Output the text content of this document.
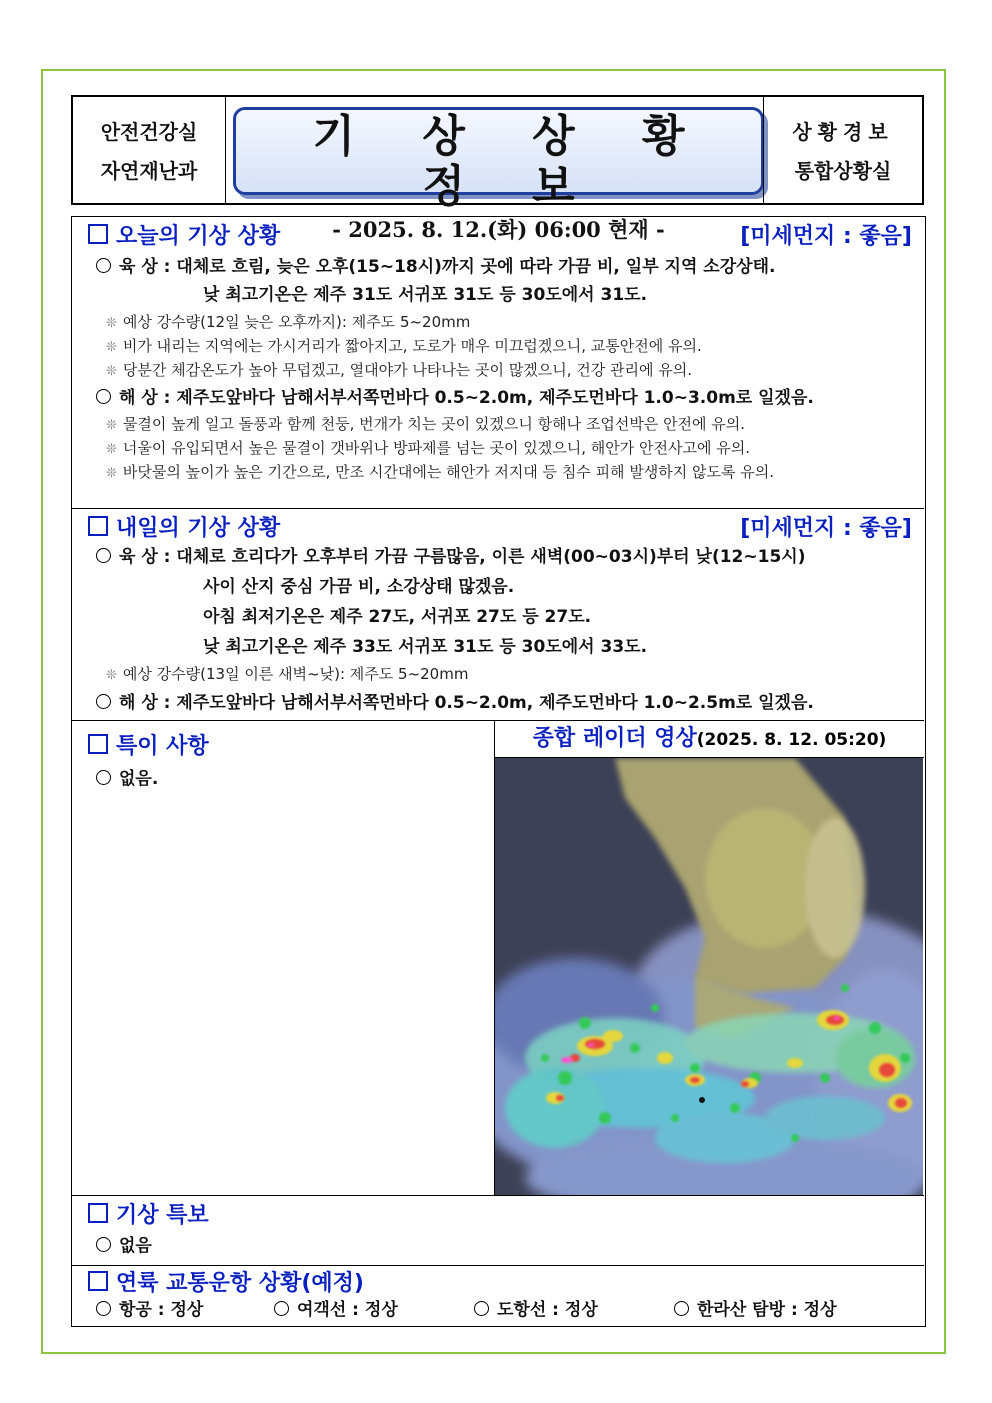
안전건강실
자연재난과
기 상 상 황 정 보
- 2025. 8. 12.(화) 06:00 현재 -
상황경보
통합상황실
오늘의 기상 상황	[미세먼지 : 좋음]
육 상 : 대체로 흐림, 늦은 오후(15~18시)까지 곳에 따라 가끔 비, 일부 지역 소강상태.
낮 최고기온은 제주 31도 서귀포 31도 등 30도에서 31도.
❊ 예상 강수량(12일 늦은 오후까지): 제주도 5~20mm
❊ 비가 내리는 지역에는 가시거리가 짧아지고, 도로가 매우 미끄럽겠으니, 교통안전에 유의.
❊ 당분간 체감온도가 높아 무덥겠고, 열대야가 나타나는 곳이 많겠으니, 건강 관리에 유의.
해 상 : 제주도앞바다 남해서부서쪽먼바다 0.5~2.0m, 제주도먼바다 1.0~3.0m로 일겠음.
❊ 물결이 높게 일고 돌풍과 함께 천둥, 번개가 치는 곳이 있겠으니 항해나 조업선박은 안전에 유의.
❊ 너울이 유입되면서 높은 물결이 갯바위나 방파제를 넘는 곳이 있겠으니, 해안가 안전사고에 유의.
❊ 바닷물의 높이가 높은 기간으로, 만조 시간대에는 해안가 저지대 등 침수 피해 발생하지 않도록 유의.
내일의 기상 상황	[미세먼지 : 좋음]
육 상 : 대체로 흐리다가 오후부터 가끔 구름많음, 이른 새벽(00~03시)부터 낮(12~15시)
사이 산지 중심 가끔 비, 소강상태 많겠음.
아침 최저기온은 제주 27도, 서귀포 27도 등 27도.
낮 최고기온은 제주 33도 서귀포 31도 등 30도에서 33도.
❊ 예상 강수량(13일 이른 새벽~낮): 제주도 5~20mm
해 상 : 제주도앞바다 남해서부서쪽먼바다 0.5~2.0m, 제주도먼바다 1.0~2.5m로 일겠음.
특이 사항
없음.
종합 레이더 영상(2025. 8. 12. 05:20)
기상 특보
없음
연륙 교통운항 상황(예정)
항공 : 정상	여객선 : 정상	도항선 : 정상	한라산 탐방 : 정상
